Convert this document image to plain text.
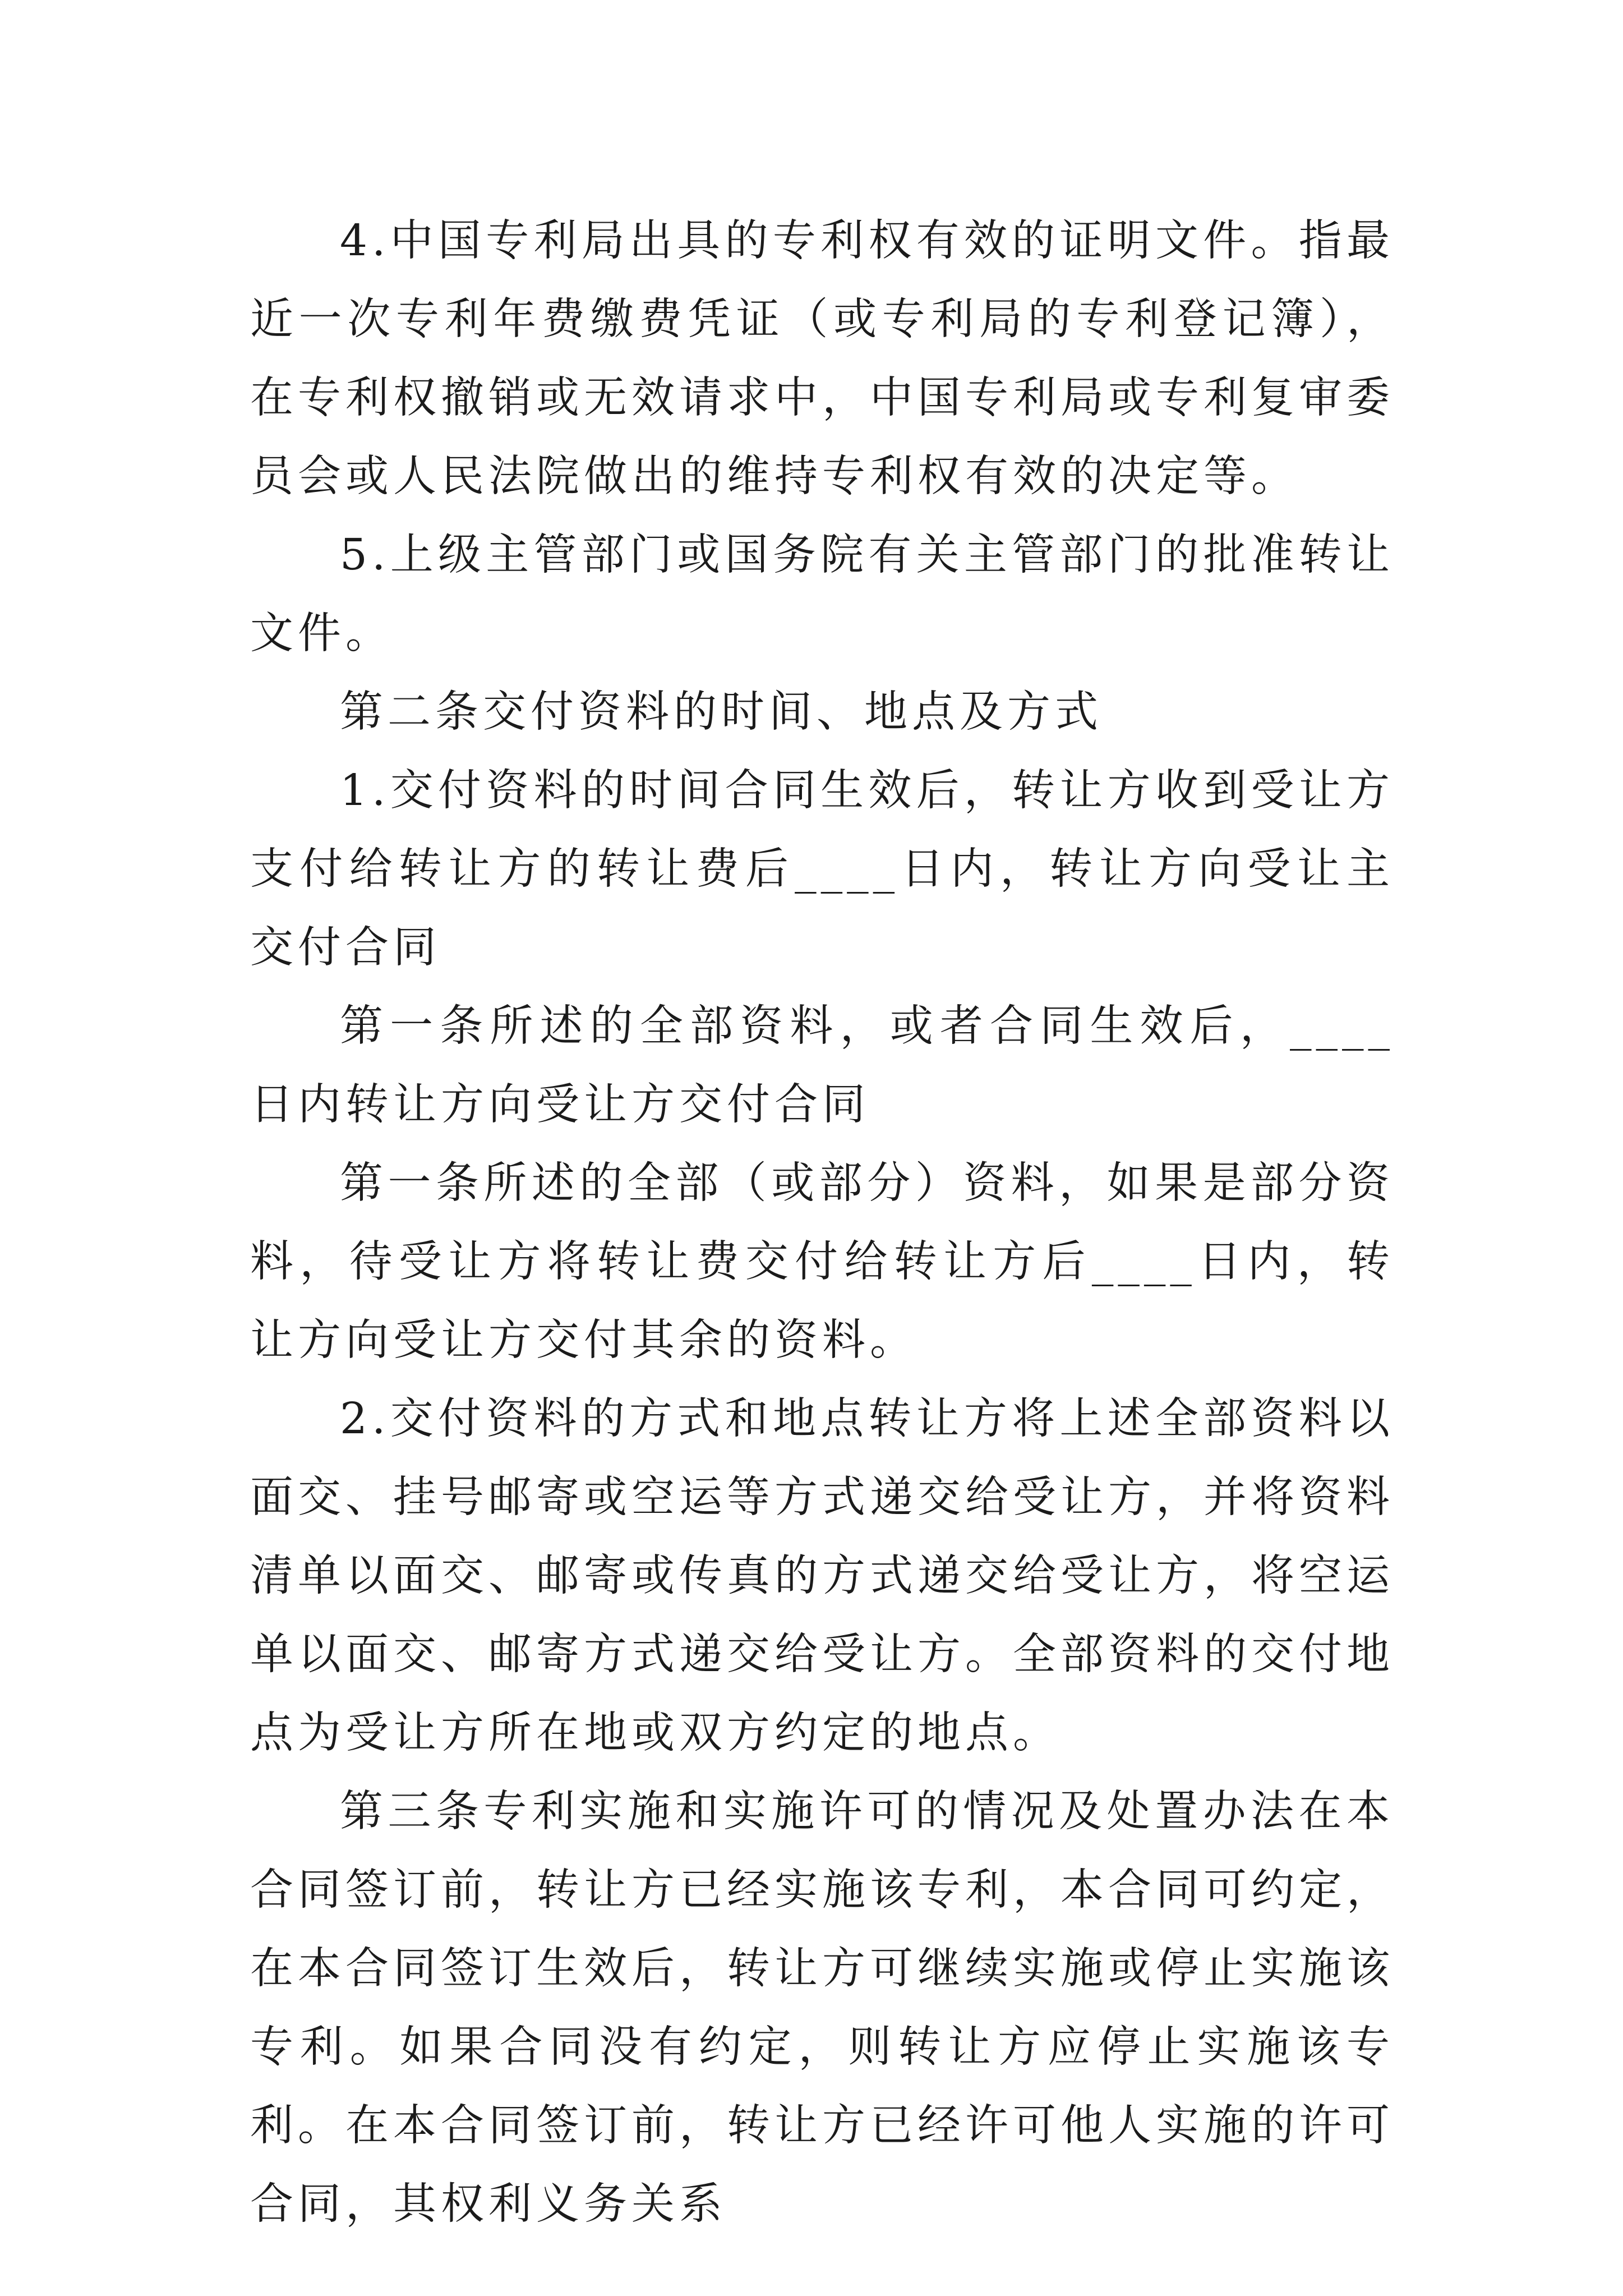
4.中国专利局出具的专利权有效的证明文件。指最近一次专利年费缴费凭证（或专利局的专利登记簿），在专利权撤销或无效请求中，中国专利局或专利复审委员会或人民法院做出的维持专利权有效的决定等。

5.上级主管部门或国务院有关主管部门的批准转让文件。

第二条交付资料的时间、地点及方式

1.交付资料的时间合同生效后，转让方收到受让方支付给转让方的转让费后____日内，转让方向受让主交付合同

第一条所述的全部资料，或者合同生效后，____日内转让方向受让方交付合同

第一条所述的全部（或部分）资料，如果是部分资料，待受让方将转让费交付给转让方后____日内，转让方向受让方交付其余的资料。

2.交付资料的方式和地点转让方将上述全部资料以面交、挂号邮寄或空运等方式递交给受让方，并将资料清单以面交、邮寄或传真的方式递交给受让方，将空运单以面交、邮寄方式递交给受让方。全部资料的交付地点为受让方所在地或双方约定的地点。

第三条专利实施和实施许可的情况及处置办法在本合同签订前，转让方已经实施该专利，本合同可约定，在本合同签订生效后，转让方可继续实施或停止实施该专利。如果合同没有约定，则转让方应停止实施该专利。在本合同签订前，转让方已经许可他人实施的许可合同，其权利义务关系
